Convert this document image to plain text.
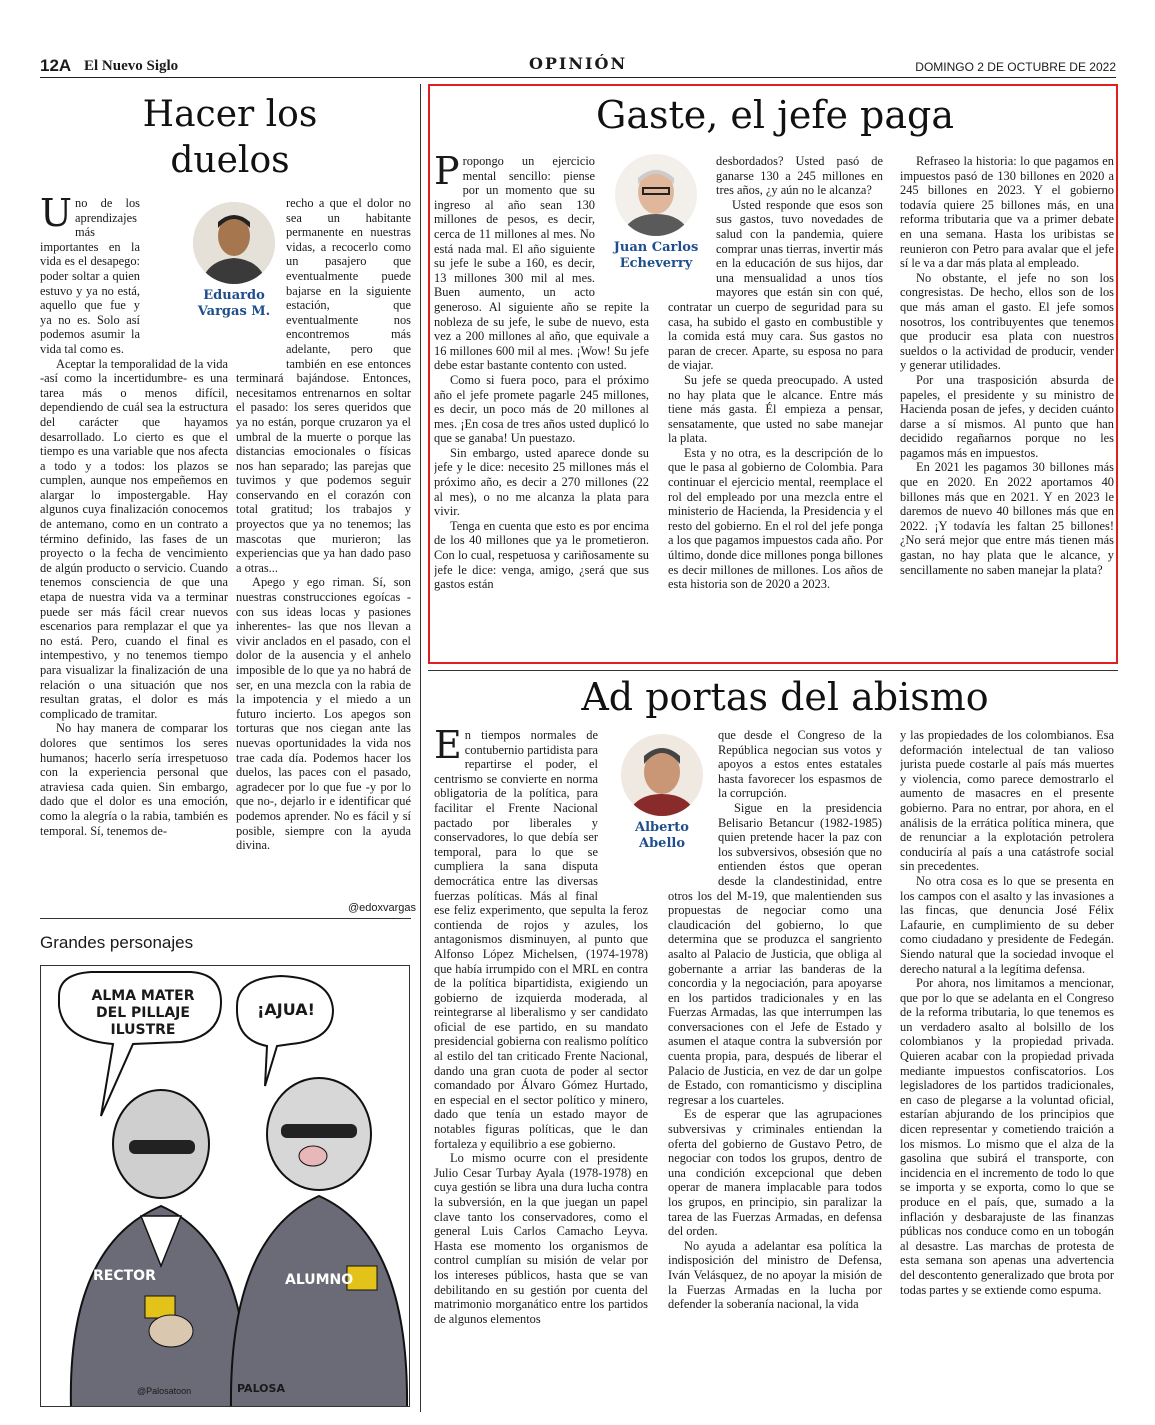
12A El Nuevo Siglo	OPINIÓN	DOMINGO 2 DE OCTUBRE DE 2022
Hacer los duelos
Eduardo Vargas M.

Uno de los aprendizajes más importantes en la vida es el desapego: poder soltar a quien estuvo y ya no está, aquello que fue y ya no es. Solo así podemos asumir la vida tal como es.

Aceptar la temporalidad de la vida -así como la incertidumbre- es una tarea más o menos difícil, dependiendo de cuál sea la estructura del carácter que hayamos desarrollado. Lo cierto es que el tiempo es una variable que nos afecta a todo y a todos: los plazos se cumplen, aunque nos empeñemos en alargar lo impostergable. Hay algunos cuya finalización conocemos de antemano, como en un contrato a término definido, las fases de un proyecto o la fecha de vencimiento de algún producto o servicio. Cuando tenemos consciencia de que una etapa de nuestra vida va a terminar puede ser más fácil crear nuevos escenarios para remplazar el que ya no está. Pero, cuando el final es intempestivo, y no tenemos tiempo para visualizar la finalización de una relación o una situación que nos resultan gratas, el dolor es más complicado de tramitar.

No hay manera de comparar los dolores que sentimos los seres humanos; hacerlo sería irrespetuoso con la experiencia personal que atraviesa cada quien. Sin embargo, dado que el dolor es una emoción, como la alegría o la rabia, también es temporal. Sí, tenemos de-

recho a que el dolor no sea un habitante permanente en nuestras vidas, a recocerlo como un pasajero que eventualmente puede bajarse en la siguiente estación, que eventualmente nos encontremos más adelante, pero que también en ese entonces terminará bajándose. Entonces, necesitamos entrenarnos en soltar el pasado: los seres queridos que ya no están, porque cruzaron ya el umbral de la muerte o porque las distancias emocionales o físicas nos han separado; las parejas que tuvimos y que podemos seguir conservando en el corazón con total gratitud; los trabajos y proyectos que ya no tenemos; las mascotas que murieron; las experiencias que ya han dado paso a otras...

Apego y ego riman. Sí, son nuestras construcciones egoícas -con sus ideas locas y pasiones inherentes- las que nos llevan a vivir anclados en el pasado, con el dolor de la ausencia y el anhelo imposible de lo que ya no habrá de ser, en una mezcla con la rabia de la impotencia y el miedo a un futuro incierto. Los apegos son torturas que nos ciegan ante las nuevas oportunidades la vida nos trae cada día. Podemos hacer los duelos, las paces con el pasado, agradecer por lo que fue -y por lo que no-, dejarlo ir e identificar qué podemos aprender. No es fácil y sí posible, siempre con la ayuda divina.

@edoxvargas
Grandes personajes
ALMA MATER DEL PILLAJE ILUSTRE
¡AJUA!
RECTOR	ALUMNO
@Palosatoon	PALOSA
Gaste, el jefe paga
Juan Carlos Echeverry

Propongo un ejercicio mental sencillo: piense por un momento que su ingreso al año sean 130 millones de pesos, es decir, cerca de 11 millones al mes. No está nada mal. El año siguiente su jefe le sube a 160, es decir, 13 millones 300 mil al mes. Buen aumento, un acto generoso. Al siguiente año se repite la nobleza de su jefe, le sube de nuevo, esta vez a 200 millones al año, que equivale a 16 millones 600 mil al mes. ¡Wow! Su jefe debe estar bastante contento con usted.

Como si fuera poco, para el próximo año el jefe promete pagarle 245 millones, es decir, un poco más de 20 millones al mes. ¡En cosa de tres años usted duplicó lo que se ganaba! Un puestazo.

Sin embargo, usted aparece donde su jefe y le dice: necesito 25 millones más el próximo año, es decir a 270 millones (22 al mes), o no me alcanza la plata para vivir.

Tenga en cuenta que esto es por encima de los 40 millones que ya le prometieron. Con lo cual, respetuosa y cariñosamente su jefe le dice: venga, amigo, ¿será que sus gastos están

desbordados? Usted pasó de ganarse 130 a 245 millones en tres años, ¿y aún no le alcanza?

Usted responde que esos son sus gastos, tuvo novedades de salud con la pandemia, quiere comprar unas tierras, invertir más en la educación de sus hijos, dar una mensualidad a unos tíos mayores que están sin con qué, contratar un cuerpo de seguridad para su casa, ha subido el gasto en combustible y la comida está muy cara. Sus gastos no paran de crecer. Aparte, su esposa no para de viajar.

Su jefe se queda preocupado. A usted no hay plata que le alcance. Entre más tiene más gasta. Él empieza a pensar, sensatamente, que usted no sabe manejar la plata.

Esta y no otra, es la descripción de lo que le pasa al gobierno de Colombia. Para continuar el ejercicio mental, reemplace el rol del empleado por una mezcla entre el ministerio de Hacienda, la Presidencia y el resto del gobierno. En el rol del jefe ponga a los que pagamos impuestos cada año. Por último, donde dice millones ponga billones es decir millones de millones. Los años de esta historia son de 2020 a 2023.

Refraseo la historia: lo que pagamos en impuestos pasó de 130 billones en 2020 a 245 billones en 2023. Y el gobierno todavía quiere 25 billones más, en una reforma tributaria que va a primer debate en una semana. Hasta los uribistas se reunieron con Petro para avalar que el jefe sí le va a dar más plata al empleado.

No obstante, el jefe no son los congresistas. De hecho, ellos son de los que más aman el gasto. El jefe somos nosotros, los contribuyentes que tenemos que producir esa plata con nuestros sueldos o la actividad de producir, vender y generar utilidades.

Por una trasposición absurda de papeles, el presidente y su ministro de Hacienda posan de jefes, y deciden cuánto darse a sí mismos. Al punto que han decidido regañarnos porque no les pagamos más en impuestos.

En 2021 les pagamos 30 billones más que en 2020. En 2022 aportamos 40 billones más que en 2021. Y en 2023 le daremos de nuevo 40 billones más que en 2022. ¡Y todavía les faltan 25 billones! ¿No será mejor que entre más tienen más gastan, no hay plata que le alcance, y sencillamente no saben manejar la plata?

Ad portas del abismo
Alberto Abello

En tiempos normales de contubernio partidista para repartirse el poder, el centrismo se convierte en norma obligatoria de la política, para facilitar el Frente Nacional pactado por liberales y conservadores, lo que debía ser temporal, para lo que se cumpliera la sana disputa democrática entre las diversas fuerzas políticas. Más al final ese feliz experimento, que sepulta la feroz contienda de rojos y azules, los antagonismos disminuyen, al punto que Alfonso López Michelsen, (1974-1978) que había irrumpido con el MRL en contra de la política bipartidista, exigiendo un gobierno de izquierda moderada, al reintegrarse al liberalismo y ser candidato oficial de ese partido, en su mandato presidencial gobierna con realismo político al estilo del tan criticado Frente Nacional, dando una gran cuota de poder al sector comandado por Álvaro Gómez Hurtado, en especial en el sector político y minero, dado que tenía un estado mayor de notables figuras políticas, que le dan fortaleza y equilibrio a ese gobierno.

Lo mismo ocurre con el presidente Julio Cesar Turbay Ayala (1978-1978) en cuya gestión se libra una dura lucha contra la subversión, en la que juegan un papel clave tanto los conservadores, como el general Luis Carlos Camacho Leyva. Hasta ese momento los organismos de control cumplían su misión de velar por los intereses públicos, hasta que se van debilitando en su gestión por cuenta del matrimonio morganático entre los partidos de algunos elementos

que desde el Congreso de la República negocian sus votos y apoyos a estos entes estatales hasta favorecer los espasmos de la corrupción.

Sigue en la presidencia Belisario Betancur (1982-1985) quien pretende hacer la paz con los subversivos, obsesión que no entienden éstos que operan desde la clandestinidad, entre otros los del M-19, que malentienden sus propuestas de negociar como una claudicación del gobierno, lo que determina que se produzca el sangriento asalto al Palacio de Justicia, que obliga al gobernante a arriar las banderas de la concordia y la negociación, para apoyarse en los partidos tradicionales y en las Fuerzas Armadas, las que interrumpen las conversaciones con el Jefe de Estado y asumen el ataque contra la subversión por cuenta propia, para, después de liberar el Palacio de Justicia, en vez de dar un golpe de Estado, con romanticismo y disciplina regresar a los cuarteles.

Es de esperar que las agrupaciones subversivas y criminales entiendan la oferta del gobierno de Gustavo Petro, de negociar con todos los grupos, dentro de una condición excepcional que deben operar de manera implacable para todos los grupos, en principio, sin paralizar la tarea de las Fuerzas Armadas, en defensa del orden.

No ayuda a adelantar esa política la indisposición del ministro de Defensa, Iván Velásquez, de no apoyar la misión de la Fuerzas Armadas en la lucha por defender la soberanía nacional, la vida

y las propiedades de los colombianos. Esa deformación intelectual de tan valioso jurista puede costarle al país más muertes y violencia, como parece demostrarlo el aumento de masacres en el presente gobierno. Para no entrar, por ahora, en el análisis de la errática política minera, que de renunciar a la explotación petrolera conduciría al país a una catástrofe social sin precedentes.

No otra cosa es lo que se presenta en los campos con el asalto y las invasiones a las fincas, que denuncia José Félix Lafaurie, en cumplimiento de su deber como ciudadano y presidente de Fedegán. Siendo natural que la sociedad invoque el derecho natural a la legítima defensa.

Por ahora, nos limitamos a mencionar, que por lo que se adelanta en el Congreso de la reforma tributaria, lo que tenemos es un verdadero asalto al bolsillo de los colombianos y la propiedad privada. Quieren acabar con la propiedad privada mediante impuestos confiscatorios. Los legisladores de los partidos tradicionales, en caso de plegarse a la voluntad oficial, estarían abjurando de los principios que dicen representar y cometiendo traición a los mismos. Lo mismo que el alza de la gasolina que subirá el transporte, con incidencia en el incremento de todo lo que se importa y se exporta, como lo que se produce en el país, que, sumado a la inflación y desbarajuste de las finanzas públicas nos conduce como en un tobogán al desastre. Las marchas de protesta de esta semana son apenas una advertencia del descontento generalizado que brota por todas partes y se extiende como espuma.
